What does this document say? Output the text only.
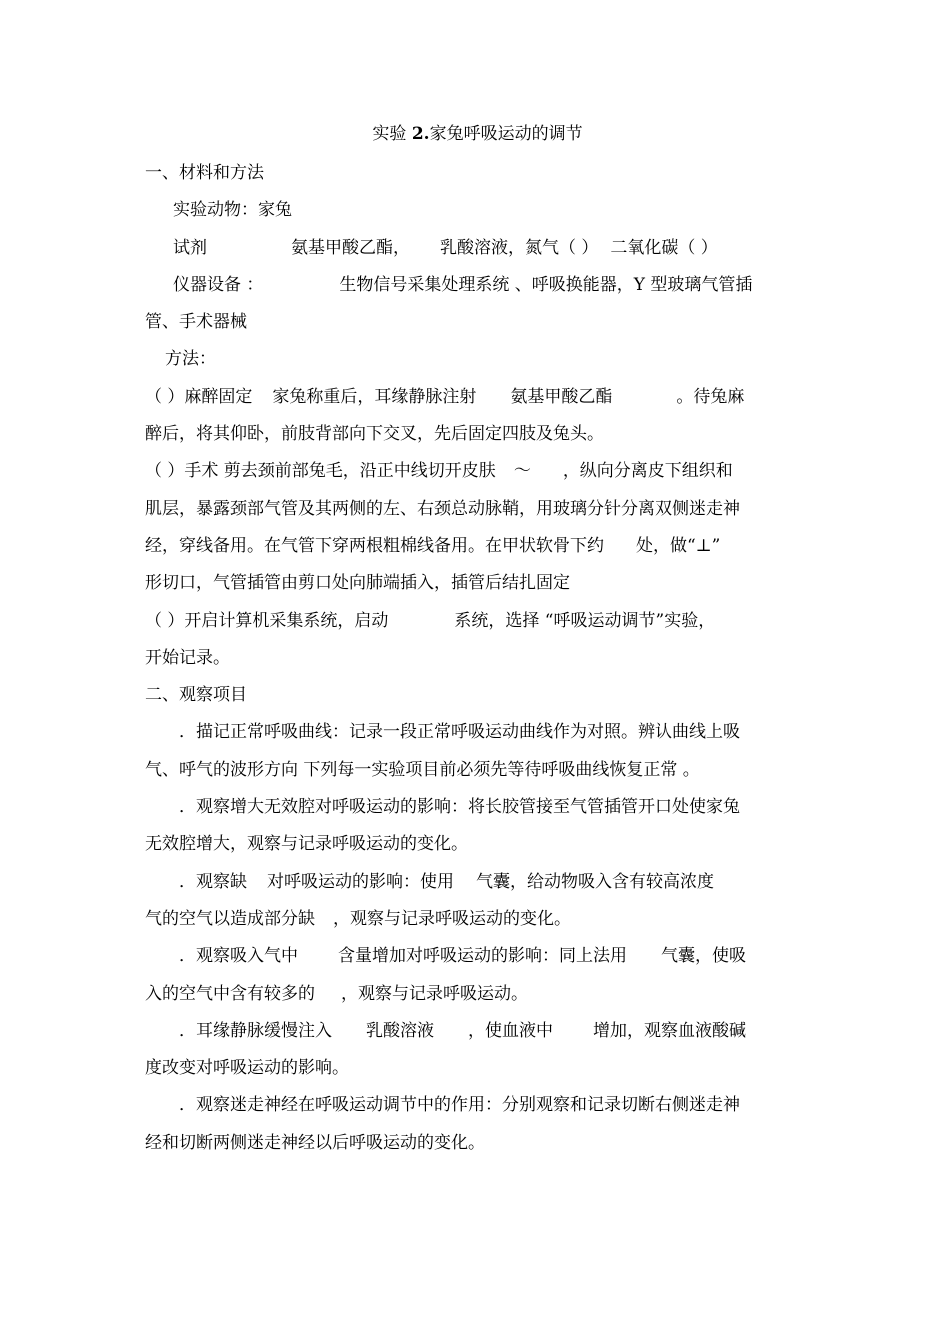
实验 2.家兔呼吸运动的调节
一、材料和方法
实验动物：家兔
试剂	氨基甲酸乙酯， 乳酸溶液，氮气（ ） 二氧化碳（ ）
仪器设备 ：	生物信号采集处理系统 、呼吸换能器，Y 型玻璃气管插
管、手术器械
方法：
（ ）麻醉固定 家兔称重后，耳缘静脉注射 氨基甲酸乙酯	。待兔麻
醉后，将其仰卧，前肢背部向下交叉，先后固定四肢及兔头。
（ ）手术 剪去颈前部兔毛，沿正中线切开皮肤 ～ ，纵向分离皮下组织和
肌层，暴露颈部气管及其两侧的左、右颈总动脉鞘，用玻璃分针分离双侧迷走神
经，穿线备用。在气管下穿两根粗棉线备用。在甲状软骨下约 处，做“⊥”
形切口，气管插管由剪口处向肺端插入，插管后结扎固定
（ ）开启计算机采集系统，启动	系统，选择 “呼吸运动调节”实验，
开始记录。
二、观察项目
．描记正常呼吸曲线：记录一段正常呼吸运动曲线作为对照。辨认曲线上吸
气、呼气的波形方向 下列每一实验项目前必须先等待呼吸曲线恢复正常 。
．观察增大无效腔对呼吸运动的影响：将长胶管接至气管插管开口处使家兔
无效腔增大，观察与记录呼吸运动的变化。
．观察缺 对呼吸运动的影响：使用 气囊，给动物吸入含有较高浓度
气的空气以造成部分缺 ，观察与记录呼吸运动的变化。
．观察吸入气中 含量增加对呼吸运动的影响：同上法用 气囊，使吸
入的空气中含有较多的 ，观察与记录呼吸运动。
．耳缘静脉缓慢注入 乳酸溶液 ，使血液中 增加，观察血液酸碱
度改变对呼吸运动的影响。
．观察迷走神经在呼吸运动调节中的作用：分别观察和记录切断右侧迷走神
经和切断两侧迷走神经以后呼吸运动的变化。
